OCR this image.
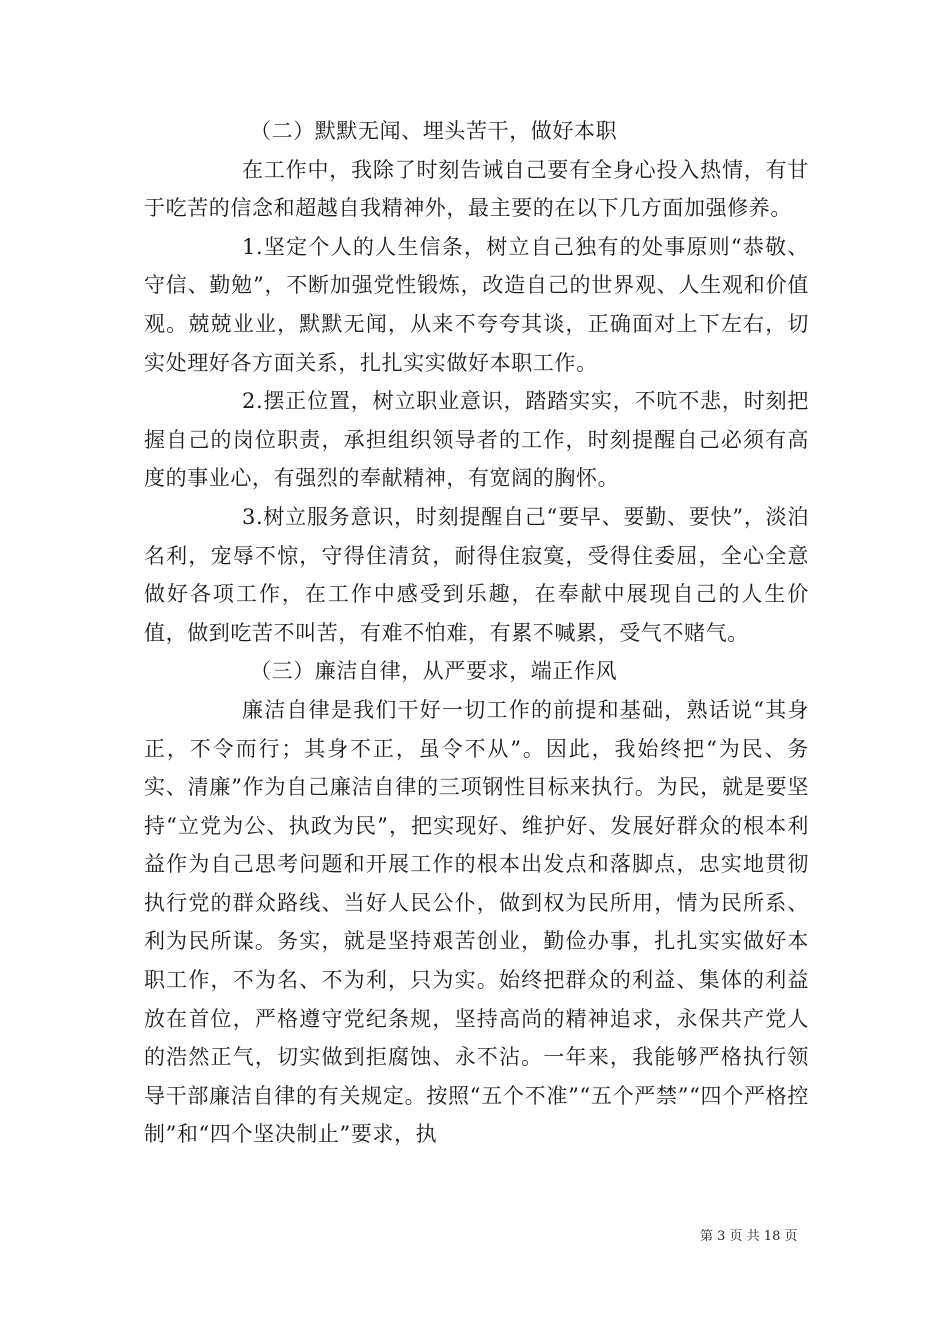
（二）默默无闻、埋头苦干，做好本职

在工作中，我除了时刻告诫自己要有全身心投入热情，有甘于吃苦的信念和超越自我精神外，最主要的在以下几方面加强修养。

1.坚定个人的人生信条，树立自己独有的处事原则“恭敬、守信、勤勉”，不断加强党性锻炼，改造自己的世界观、人生观和价值观。兢兢业业，默默无闻，从来不夸夸其谈，正确面对上下左右，切实处理好各方面关系，扎扎实实做好本职工作。

2.摆正位置，树立职业意识，踏踏实实，不吭不悲，时刻把握自己的岗位职责，承担组织领导者的工作，时刻提醒自己必须有高度的事业心，有强烈的奉献精神，有宽阔的胸怀。

3.树立服务意识，时刻提醒自己“要早、要勤、要快”，淡泊名利，宠辱不惊，守得住清贫，耐得住寂寞，受得住委屈，全心全意做好各项工作，在工作中感受到乐趣，在奉献中展现自己的人生价值，做到吃苦不叫苦，有难不怕难，有累不喊累，受气不赌气。

（三）廉洁自律，从严要求，端正作风

廉洁自律是我们干好一切工作的前提和基础，熟话说“其身正，不令而行；其身不正，虽令不从”。因此，我始终把“为民、务实、清廉”作为自己廉洁自律的三项钢性目标来执行。为民，就是要坚持“立党为公、执政为民”，把实现好、维护好、发展好群众的根本利益作为自己思考问题和开展工作的根本出发点和落脚点，忠实地贯彻执行党的群众路线、当好人民公仆，做到权为民所用，情为民所系、利为民所谋。务实，就是坚持艰苦创业，勤俭办事，扎扎实实做好本职工作，不为名、不为利，只为实。始终把群众的利益、集体的利益放在首位，严格遵守党纪条规，坚持高尚的精神追求，永保共产党人的浩然正气，切实做到拒腐蚀、永不沾。一年来，我能够严格执行领导干部廉洁自律的有关规定。按照“五个不准”“五个严禁”“四个严格控制”和“四个坚决制止”要求，执

第 3 页 共 18 页
